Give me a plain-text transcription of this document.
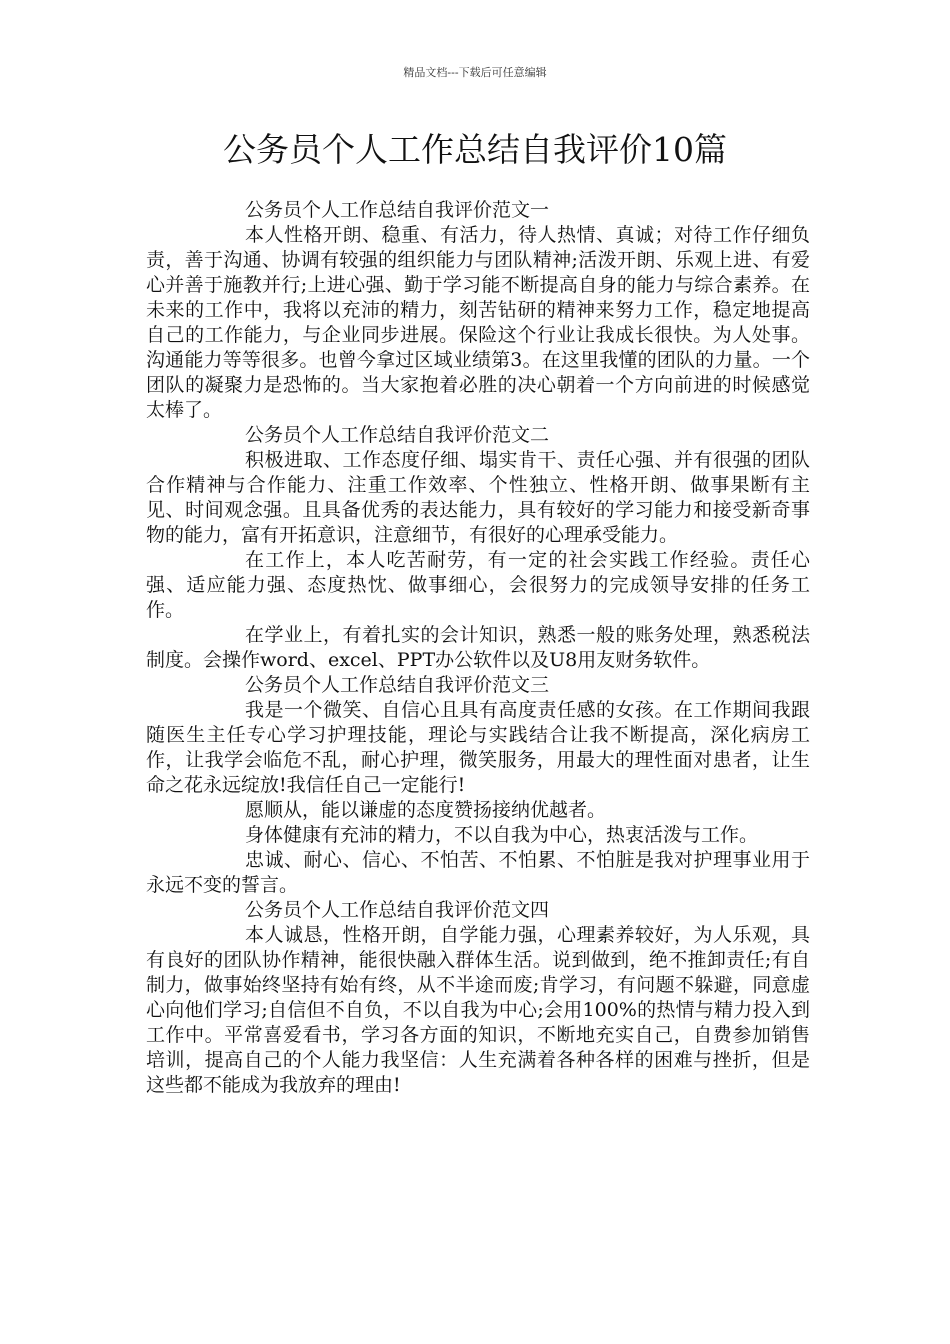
精品文档---下载后可任意编辑
公务员个人工作总结自我评价10篇

公务员个人工作总结自我评价范文一

本人性格开朗、稳重、有活力，待人热情、真诚；对待工作仔细负责，善于沟通、协调有较强的组织能力与团队精神;活泼开朗、乐观上进、有爱心并善于施教并行;上进心强、勤于学习能不断提高自身的能力与综合素养。在未来的工作中，我将以充沛的精力，刻苦钻研的精神来努力工作，稳定地提高自己的工作能力，与企业同步进展。保险这个行业让我成长很快。为人处事。沟通能力等等很多。也曾今拿过区域业绩第3。在这里我懂的团队的力量。一个团队的凝聚力是恐怖的。当大家抱着必胜的决心朝着一个方向前进的时候感觉太棒了。

公务员个人工作总结自我评价范文二

积极进取、工作态度仔细、塌实肯干、责任心强、并有很强的团队合作精神与合作能力、注重工作效率、个性独立、性格开朗、做事果断有主见、时间观念强。且具备优秀的表达能力，具有较好的学习能力和接受新奇事物的能力，富有开拓意识，注意细节，有很好的心理承受能力。

在工作上，本人吃苦耐劳，有一定的社会实践工作经验。责任心强、适应能力强、态度热忱、做事细心，会很努力的完成领导安排的任务工作。

在学业上，有着扎实的会计知识，熟悉一般的账务处理，熟悉税法制度。会操作word、excel、PPT办公软件以及U8用友财务软件。

公务员个人工作总结自我评价范文三

我是一个微笑、自信心且具有高度责任感的女孩。在工作期间我跟随医生主任专心学习护理技能，理论与实践结合让我不断提高，深化病房工作，让我学会临危不乱，耐心护理，微笑服务，用最大的理性面对患者，让生命之花永远绽放!我信任自己一定能行!

愿顺从，能以谦虚的态度赞扬接纳优越者。

身体健康有充沛的精力，不以自我为中心，热衷活泼与工作。

忠诚、耐心、信心、不怕苦、不怕累、不怕脏是我对护理事业用于永远不变的誓言。

公务员个人工作总结自我评价范文四

本人诚恳，性格开朗，自学能力强，心理素养较好，为人乐观，具有良好的团队协作精神，能很快融入群体生活。说到做到，绝不推卸责任;有自制力，做事始终坚持有始有终，从不半途而废;肯学习，有问题不躲避，同意虚心向他们学习;自信但不自负，不以自我为中心;会用100%的热情与精力投入到工作中。平常喜爱看书，学习各方面的知识，不断地充实自己，自费参加销售培训，提高自己的个人能力我坚信：人生充满着各种各样的困难与挫折，但是这些都不能成为我放弃的理由!
